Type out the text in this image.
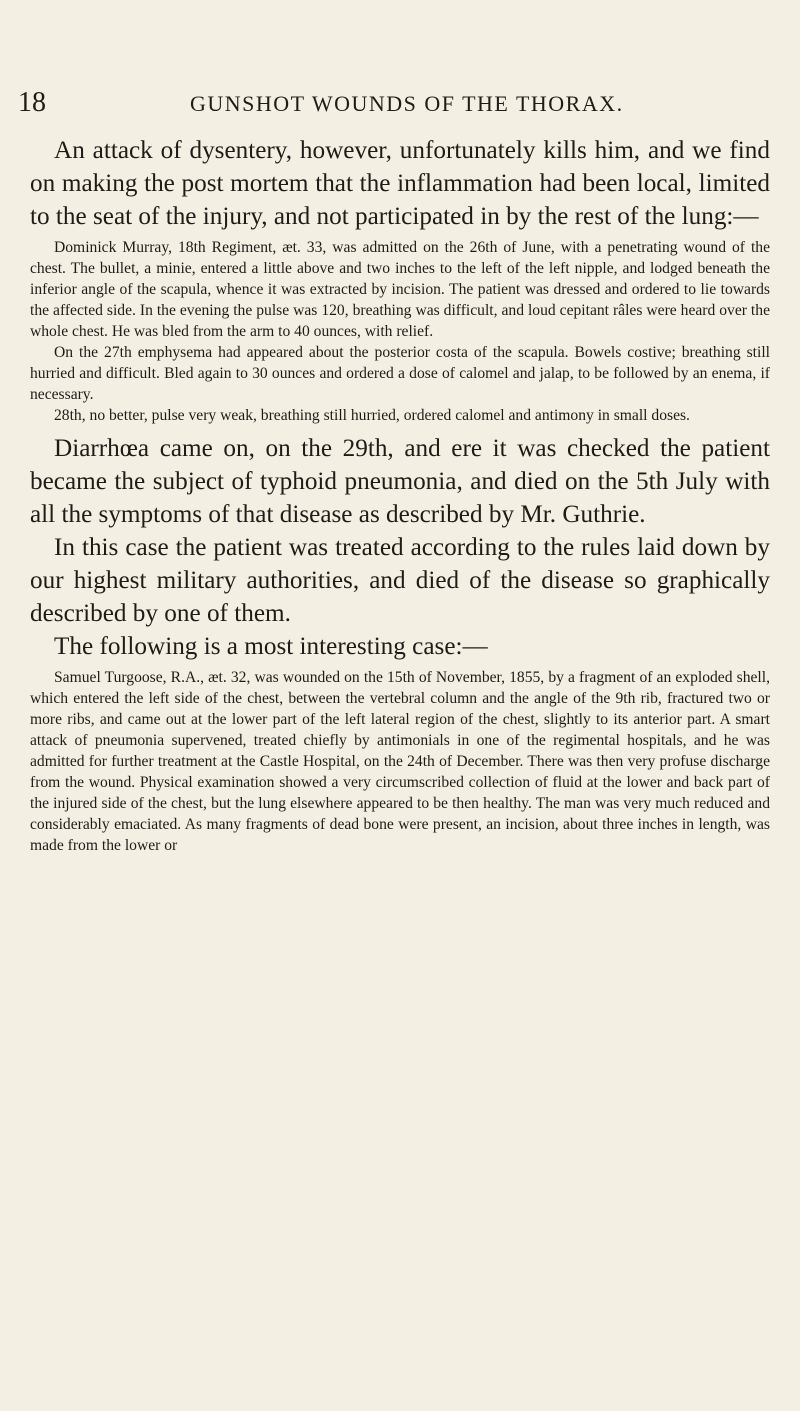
18	GUNSHOT WOUNDS OF THE THORAX.

An attack of dysentery, however, unfortunately kills him, and we find on making the post mortem that the inflammation had been local, limited to the seat of the injury, and not participated in by the rest of the lung:—

Dominick Murray, 18th Regiment, æt. 33, was admitted on the 26th of June, with a penetrating wound of the chest. The bullet, a minie, entered a little above and two inches to the left of the left nipple, and lodged beneath the inferior angle of the scapula, whence it was extracted by incision. The patient was dressed and ordered to lie towards the affected side. In the evening the pulse was 120, breathing was difficult, and loud cepitant râles were heard over the whole chest. He was bled from the arm to 40 ounces, with relief.

On the 27th emphysema had appeared about the posterior costa of the scapula. Bowels costive; breathing still hurried and difficult. Bled again to 30 ounces and ordered a dose of calomel and jalap, to be followed by an enema, if necessary.

28th, no better, pulse very weak, breathing still hurried, ordered calomel and antimony in small doses.

Diarrhœa came on, on the 29th, and ere it was checked the patient became the subject of typhoid pneumonia, and died on the 5th July with all the symptoms of that disease as described by Mr. Guthrie.

In this case the patient was treated according to the rules laid down by our highest military authorities, and died of the disease so graphically described by one of them.

The following is a most interesting case:—

Samuel Turgoose, R.A., æt. 32, was wounded on the 15th of November, 1855, by a fragment of an exploded shell, which entered the left side of the chest, between the vertebral column and the angle of the 9th rib, fractured two or more ribs, and came out at the lower part of the left lateral region of the chest, slightly to its anterior part. A smart attack of pneumonia supervened, treated chiefly by antimonials in one of the regimental hospitals, and he was admitted for further treatment at the Castle Hospital, on the 24th of December. There was then very profuse discharge from the wound. Physical examination showed a very circumscribed collection of fluid at the lower and back part of the injured side of the chest, but the lung elsewhere appeared to be then healthy. The man was very much reduced and considerably emaciated. As many fragments of dead bone were present, an incision, about three inches in length, was made from the lower or
